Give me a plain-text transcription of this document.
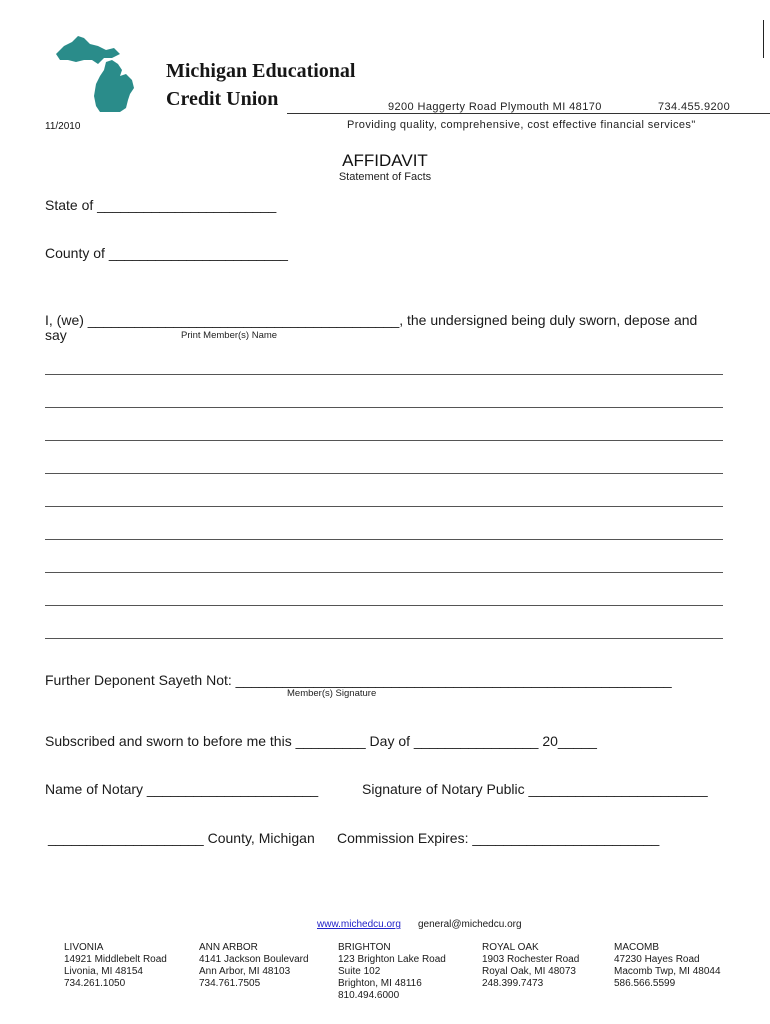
Michigan Educational
Credit Union	9200 Haggerty Road Plymouth MI 48170	734.455.9200
Providing quality, comprehensive, cost effective financial services"
11/2010
AFFIDAVIT
Statement of Facts
State of _______________________
County of _______________________
I, (we) ________________________________________, the undersigned being duly sworn, depose and
say	Print Member(s) Name
Further Deponent Sayeth Not: ________________________________________________________
Member(s) Signature
Subscribed and sworn to before me this _________ Day of ________________ 20_____
Name of Notary ______________________	Signature of Notary Public _______________________
____________________ County, Michigan Commission Expires: ________________________
www.michedcu.org general@michedcu.org
LIVONIA
14921 Middlebelt Road
Livonia, MI 48154
734.261.1050
ANN ARBOR
4141 Jackson Boulevard
Ann Arbor, MI 48103
734.761.7505
BRIGHTON
123 Brighton Lake Road
Suite 102
Brighton, MI 48116
810.494.6000
ROYAL OAK
1903 Rochester Road
Royal Oak, MI 48073
248.399.7473
MACOMB
47230 Hayes Road
Macomb Twp, MI 48044
586.566.5599
